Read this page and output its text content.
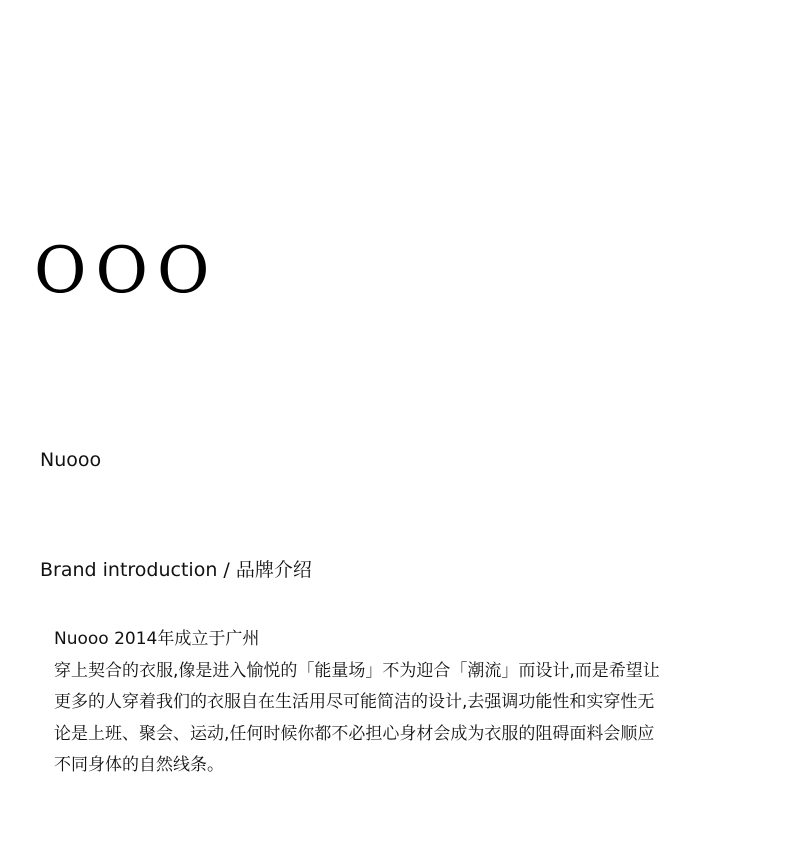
OOO
Nuooo
Brand introduction / 品牌介绍

Nuooo 2014年成立于广州

穿上契合的衣服,像是进入愉悦的「能量场」不为迎合「潮流」而设计,而是希望让

更多的人穿着我们的衣服自在生活用尽可能简洁的设计,去强调功能性和实穿性无

论是上班、聚会、运动,任何时候你都不必担心身材会成为衣服的阻碍面料会顺应

不同身体的自然线条。
